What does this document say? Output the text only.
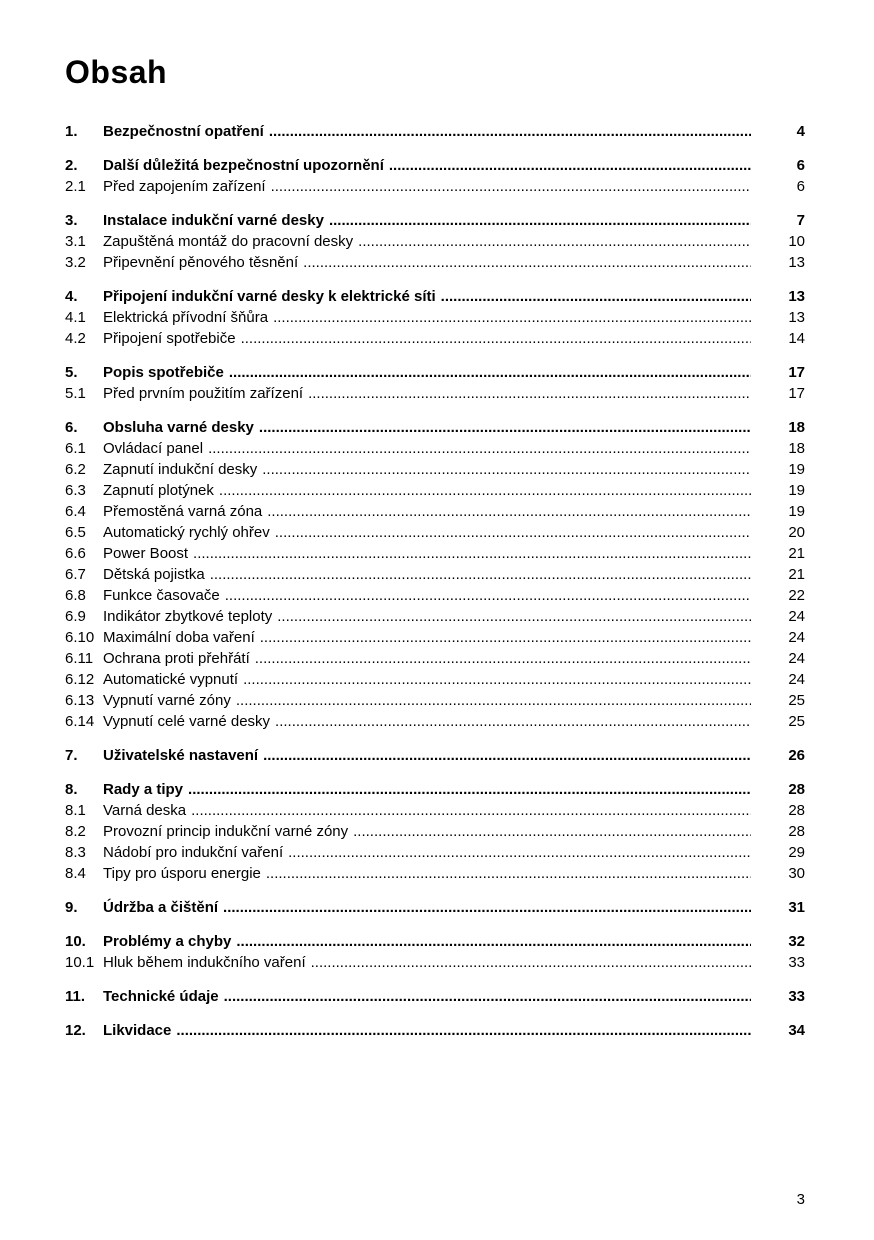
Obsah
1.	Bezpečnostní opatření .....	4
2.	Další důležitá bezpečnostní upozornění .....	6
2.1	Před zapojením zařízení .....	6
3.	Instalace indukční varné desky .....	7
3.1	Zapuštěná montáž do pracovní desky .....	10
3.2	Připevnění pěnového těsnění .....	13
4.	Připojení indukční varné desky k elektrické síti .....	13
4.1	Elektrická přívodní šňůra .....	13
4.2	Připojení spotřebiče .....	14
5.	Popis spotřebiče .....	17
5.1	Před prvním použitím zařízení .....	17
6.	Obsluha varné desky .....	18
6.1	Ovládací panel .....	18
6.2	Zapnutí indukční desky .....	19
6.3	Zapnutí plotýnek .....	19
6.4	Přemostěná varná zóna .....	19
6.5	Automatický rychlý ohřev .....	20
6.6	Power Boost .....	21
6.7	Dětská pojistka .....	21
6.8	Funkce časovače .....	22
6.9	Indikátor zbytkové teploty .....	24
6.10 Maximální doba vaření .....	24
6.11 Ochrana proti přehřátí .....	24
6.12 Automatické vypnutí .....	24
6.13 Vypnutí varné zóny .....	25
6.14 Vypnutí celé varné desky .....	25
7.	Uživatelské nastavení .....	26
8.	Rady a tipy .....	28
8.1	Varná deska .....	28
8.2	Provozní princip indukční varné zóny .....	28
8.3	Nádobí pro indukční vaření .....	29
8.4	Tipy pro úsporu energie .....	30
9.	Údržba a čištění .....	31
10.	Problémy a chyby .....	32
10.1 Hluk během indukčního vaření .....	33
11.	Technické údaje .....	33
12.	Likvidace .....	34
3
